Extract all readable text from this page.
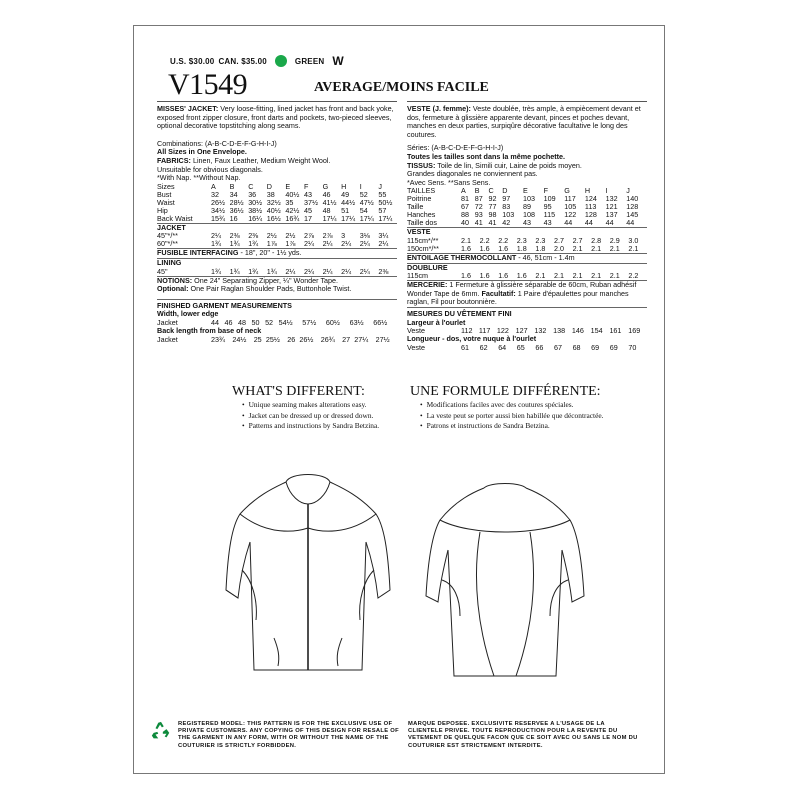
U.S. $30.00 CAN. $35.00	GREEN W
V1549	AVERAGE/MOINS FACILE
MISSES' JACKET: Very loose-fitting, lined jacket has front and back yoke, exposed front zipper closure, front darts and pockets, two-pieced sleeves, optional decorative topstitching along seams.
Combinations: (A-B-C-D-E-F-G-H-I-J)
All Sizes in One Envelope.
FABRICS: Linen, Faux Leather, Medium Weight Wool.
Unsuitable for obvious diagonals.
*With Nap. **Without Nap.
Sizes	A	B	C	D	E	F	G	H	I	J
Bust	32	34	36	38	40½	43	46	49	52	55
Waist	26½	28½	30½	32½	35	37½	41½	44½	47½	50½
Hip	34½	36½	38½	40½	42½	45	48	51	54	57
Back Waist	15¾	16	16¼	16½	16¾	17	17¼	17¼	17¼	17¼
JACKET
45"*/**	2¼	2⅜	2⅜	2½	2½	2⅞	2⅞	3	3⅛	3¼
60"*/**	1¾	1¾	1¾	1⅞	1⅞	2¼	2¼	2¼	2¼	2¼
FUSIBLE INTERFACING - 18", 20" - 1½ yds.
LINING
45"	1¾	1¾	1¾	1¾	2¼	2¼	2¼	2¼	2¼	2⅜
NOTIONS: One 24" Separating Zipper, ¼" Wonder Tape.
Optional: One Pair Raglan Shoulder Pads, Buttonhole Twist.
FINISHED GARMENT MEASUREMENTS
Width, lower edge
Jacket	44	46	48	50	52	54½	57½	60½	63½	66½
Back length from base of neck
Jacket	23¾	24½	25	25½	26	26½	26¾	27	27¼	27½
VESTE (J. femme): Veste doublée, très ample, à empiècement devant et dos, fermeture à glissière apparente devant, pinces et poches devant, manches en deux parties, surpiqûre décorative facultative le long des coutures.
Séries: (A-B-C-D-E-F-G-H-I-J)
Toutes les tailles sont dans la même pochette.
TISSUS: Toile de lin, Simili cuir, Laine de poids moyen.
Grandes diagonales ne conviennent pas.
*Avec Sens. **Sans Sens.
TAILLES	A	B	C	D	E	F	G	H	I	J
Poitrine	81	87	92	97	103	109	117	124	132	140
Taille	67	72	77	83	89	95	105	113	121	128
Hanches	88	93	98	103	108	115	122	128	137	145
Taille dos	40	41	41	42	43	43	44	44	44	44
VESTE
115cm*/**	2.1	2.2	2.2	2.3	2.3	2.7	2.7	2.8	2.9	3.0
150cm*/**	1.6	1.6	1.6	1.8	1.8	2.0	2.1	2.1	2.1	2.1
ENTOILAGE THERMOCOLLANT - 46, 51cm - 1.4m
DOUBLURE
115cm	1.6	1.6	1.6	1.6	2.1	2.1	2.1	2.1	2.1	2.2
MERCERIE: 1 Fermeture à glissière séparable de 60cm, Ruban adhésif Wonder Tape de 6mm. Facultatif: 1 Paire d'épaulettes pour manches raglan, Fil pour boutonnière.
MESURES DU VÊTEMENT FINI
Largeur à l'ourlet
Veste	112	117	122	127	132	138	146	154	161	169
Longueur - dos, votre nuque à l'ourlet
Veste	61	62	64	65	66	67	68	69	69	70
WHAT'S DIFFERENT:
• Unique seaming makes alterations easy.
• Jacket can be dressed up or dressed down.
• Patterns and instructions by Sandra Betzina.
UNE FORMULE DIFFÉRENTE:
• Modifications faciles avec des coutures spéciales.
• La veste peut se porter aussi bien habillée que décontractée.
• Patrons et instructions de Sandra Betzina.
REGISTERED MODEL: THIS PATTERN IS FOR THE EXCLUSIVE USE OF PRIVATE CUSTOMERS. ANY COPYING OF THIS DESIGN FOR RESALE OF THE GARMENT IN ANY FORM, WITH OR WITHOUT THE NAME OF THE COUTURIER IS STRICTLY FORBIDDEN.
MARQUE DEPOSEE. EXCLUSIVITE RESERVEE A L'USAGE DE LA CLIENTELE PRIVEE. TOUTE REPRODUCTION POUR LA REVENTE DU VETEMENT DE QUELQUE FACON QUE CE SOIT AVEC OU SANS LE NOM DU COUTURIER EST STRICTEMENT INTERDITE.
